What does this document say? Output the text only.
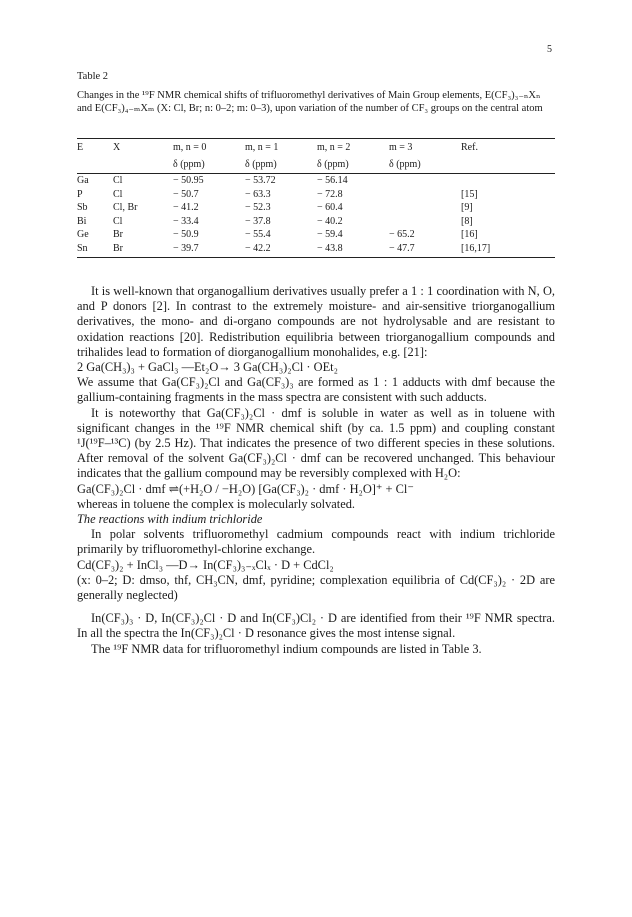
5
Table 2
Changes in the ¹⁹F NMR chemical shifts of trifluoromethyl derivatives of Main Group elements, E(CF₃)₃₋ₙXₙ and E(CF₃)₄₋ₘXₘ (X: Cl, Br; n: 0–2; m: 0–3), upon variation of the number of CF₃ groups on the central atom
E	X	m, n = 0	m, n = 1	m, n = 2	m = 3	Ref.
		δ (ppm)	δ (ppm)	δ (ppm)	δ (ppm)	
Ga	Cl	− 50.95	− 53.72	− 56.14		
P	Cl	− 50.7	− 63.3	− 72.8		[15]
Sb	Cl, Br	− 41.2	− 52.3	− 60.4		[9]
Bi	Cl	− 33.4	− 37.8	− 40.2		[8]
Ge	Br	− 50.9	− 55.4	− 59.4	− 65.2	[16]
Sn	Br	− 39.7	− 42.2	− 43.8	− 47.7	[16,17]

It is well-known that organogallium derivatives usually prefer a 1 : 1 coordination with N, O, and P donors [2]. In contrast to the extremely moisture- and air-sensitive triorganogallium derivatives, the mono- and di-organo compounds are not hydrolysable and are resistant to oxidation reactions [20]. Redistribution equilibria between triorganogallium compounds and trihalides lead to formation of diorganogallium monohalides, e.g. [21]:

2 Ga(CH₃)₃ + GaCl₃ —Et₂O→ 3 Ga(CH₃)₂Cl · OEt₂

We assume that Ga(CF₃)₂Cl and Ga(CF₃)₃ are formed as 1 : 1 adducts with dmf because the gallium-containing fragments in the mass spectra are consistent with such adducts.

It is noteworthy that Ga(CF₃)₂Cl · dmf is soluble in water as well as in toluene with significant changes in the ¹⁹F NMR chemical shift (by ca. 1.5 ppm) and coupling constant ¹J(¹⁹F–¹³C) (by 2.5 Hz). That indicates the presence of two different species in these solutions. After removal of the solvent Ga(CF₃)₂Cl · dmf can be recovered unchanged. This behaviour indicates that the gallium compound may be reversibly complexed with H₂O:

Ga(CF₃)₂Cl · dmf ⇌(+H₂O / −H₂O) [Ga(CF₃)₂ · dmf · H₂O]⁺ + Cl⁻

whereas in toluene the complex is molecularly solvated.

The reactions with indium trichloride

In polar solvents trifluoromethyl cadmium compounds react with indium trichloride primarily by trifluoromethyl-chlorine exchange.

Cd(CF₃)₂ + InCl₃ —D→ In(CF₃)₃₋ₓClₓ · D + CdCl₂

(x: 0–2; D: dmso, thf, CH₃CN, dmf, pyridine; complexation equilibria of Cd(CF₃)₂ · 2D are generally neglected)

In(CF₃)₃ · D, In(CF₃)₂Cl · D and In(CF₃)Cl₂ · D are identified from their ¹⁹F NMR spectra. In all the spectra the In(CF₃)₂Cl · D resonance gives the most intense signal.

The ¹⁹F NMR data for trifluoromethyl indium compounds are listed in Table 3.
